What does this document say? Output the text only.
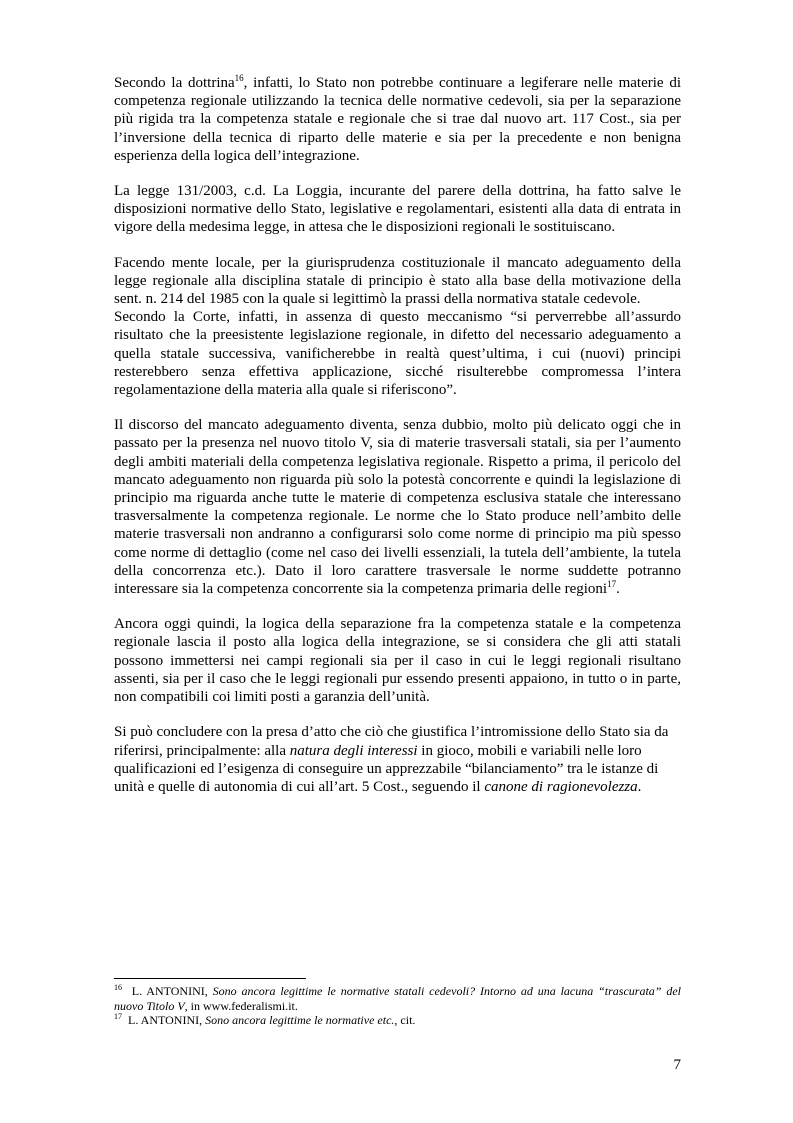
Secondo la dottrina$^{16}$, infatti, lo Stato non potrebbe continuare a legiferare nelle materie di competenza regionale utilizzando la tecnica delle normative cedevoli, sia per la separazione più rigida tra la competenza statale e regionale che si trae dal nuovo art. 117 Cost., sia per l’inversione della tecnica di riparto delle materie e sia per la precedente e non benigna esperienza della logica dell’integrazione.

La legge 131/2003, c.d. La Loggia, incurante del parere della dottrina, ha fatto salve le disposizioni normative dello Stato, legislative e regolamentari, esistenti alla data di entrata in vigore della medesima legge, in attesa che le disposizioni regionali le sostituiscano.

Facendo mente locale, per la giurisprudenza costituzionale il mancato adeguamento della legge regionale alla disciplina statale di principio è stato alla base della motivazione della sent. n. 214 del 1985 con la quale si legittimò la prassi della normativa statale cedevole.

Secondo la Corte, infatti, in assenza di questo meccanismo “si perverrebbe all’assurdo risultato che la preesistente legislazione regionale, in difetto del necessario adeguamento a quella statale successiva, vanificherebbe in realtà quest’ultima, i cui (nuovi) principi resterebbero senza effettiva applicazione, sicché risulterebbe compromessa l’intera regolamentazione della materia alla quale si riferiscono”.

Il discorso del mancato adeguamento diventa, senza dubbio, molto più delicato oggi che in passato per la presenza nel nuovo titolo V, sia di materie trasversali statali, sia per l’aumento degli ambiti materiali della competenza legislativa regionale. Rispetto a prima, il pericolo del mancato adeguamento non riguarda più solo la potestà concorrente e quindi la legislazione di principio ma riguarda anche tutte le materie di competenza esclusiva statale che interessano trasversalmente la competenza regionale. Le norme che lo Stato produce nell’ambito delle materie trasversali non andranno a configurarsi solo come norme di principio ma più spesso come norme di dettaglio (come nel caso dei livelli essenziali, la tutela dell’ambiente, la tutela della concorrenza etc.). Dato il loro carattere trasversale le norme suddette potranno interessare sia la competenza concorrente sia la competenza primaria delle regioni$^{17}$.

Ancora oggi quindi, la logica della separazione fra la competenza statale e la competenza regionale lascia il posto alla logica della integrazione, se si considera che gli atti statali possono immettersi nei campi regionali sia per il caso in cui le leggi regionali risultano assenti, sia per il caso che le leggi regionali pur essendo presenti appaiono, in tutto o in parte, non compatibili coi limiti posti a garanzia dell’unità.

Si può concludere con la presa d’atto che ciò che giustifica l’intromissione dello Stato sia da riferirsi, principalmente: alla natura degli interessi in gioco, mobili e variabili nelle loro qualificazioni ed l’esigenza di conseguire un apprezzabile “bilanciamento” tra le istanze di unità e quelle di autonomia di cui all’art. 5 Cost., seguendo il canone di ragionevolezza.

$^{16}$ L. ANTONINI, Sono ancora legittime le normative statali cedevoli? Intorno ad una lacuna “trascurata” del nuovo Titolo V, in www.federalismi.it.

$^{17}$ L. ANTONINI, Sono ancora legittime le normative etc., cit.

7
